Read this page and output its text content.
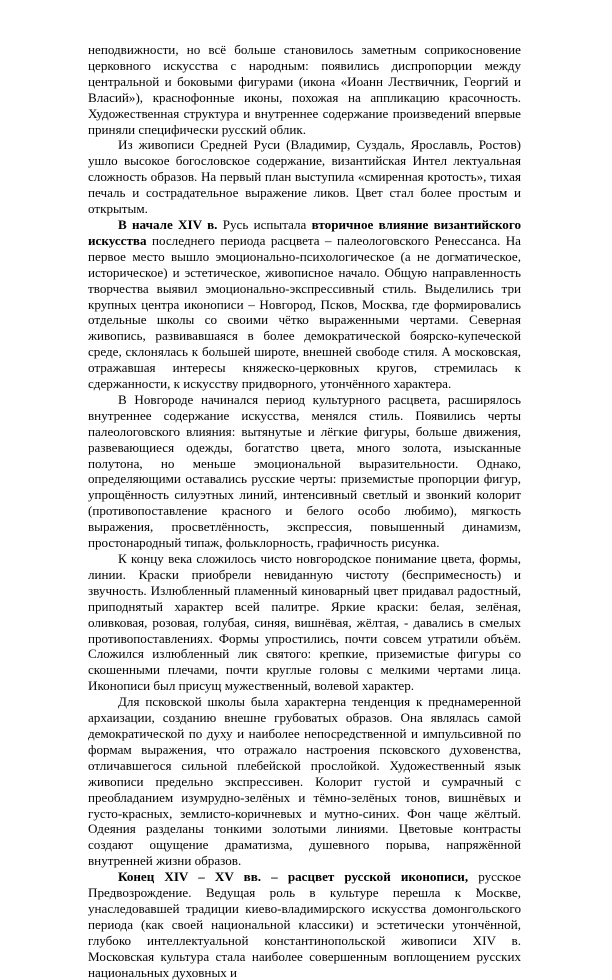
неподвижности, но всё больше становилось заметным соприкосновение церковного искусства с народным: появились диспропорции между центральной и боковыми фигурами (икона «Иоанн Лествичник, Георгий и Власий»), краснофонные иконы, похожая на аппликацию красочность. Художественная структура и внутреннее содержание произведений впервые приняли специфически русский облик.

Из живописи Средней Руси (Владимир, Суздаль, Ярославль, Ростов) ушло высокое богословское содержание, византийская Интел лектуальная сложность образов. На первый план выступила «смиренная кротость», тихая печаль и сострадательное выражение ликов. Цвет стал более простым и открытым.

В начале XIV в. Русь испытала вторичное влияние византийского искусства последнего периода расцвета – палеологовского Ренессанса. На первое место вышло эмоционально-психологическое (а не догматическое, историческое) и эстетическое, живописное начало. Общую направленность творчества выявил эмоционально-экспрессивный стиль. Выделились три крупных центра иконописи – Новгород, Псков, Москва, где формировались отдельные школы со своими чётко выраженными чертами. Северная живопись, развивавшаяся в более демократической боярско-купеческой среде, склонялась к большей широте, внешней свободе стиля. А московская, отражавшая интересы княжеско-церковных кругов, стремилась к сдержанности, к искусству придворного, утончённого характера.

В Новгороде начинался период культурного расцвета, расширялось внутреннее содержание искусства, менялся стиль. Появились черты палеологовского влияния: вытянутые и лёгкие фигуры, больше движения, развевающиеся одежды, богатство цвета, много золота, изысканные полутона, но меньше эмоциональной выразительности. Однако, определяющими оставались русские черты: приземистые пропорции фигур, упрощённость силуэтных линий, интенсивный светлый и звонкий колорит (противопоставление красного и белого особо любимо), мягкость выражения, просветлённость, экспрессия, повышенный динамизм, простонародный типаж, фольклорность, графичность рисунка.

К концу века сложилось чисто новгородское понимание цвета, формы, линии. Краски приобрели невиданную чистоту (беспримесность) и звучность. Излюбленный пламенный киноварный цвет придавал радостный, приподнятый характер всей палитре. Яркие краски: белая, зелёная, оливковая, розовая, голубая, синяя, вишнёвая, жёлтая, - давались в смелых противопоставлениях. Формы упростились, почти совсем утратили объём. Сложился излюбленный лик святого: крепкие, приземистые фигуры со скошенными плечами, почти круглые головы с мелкими чертами лица. Иконописи был присущ мужественный, волевой характер.

Для псковской школы была характерна тенденция к преднамеренной архаизации, созданию внешне грубоватых образов. Она являлась самой демократической по духу и наиболее непосредственной и импульсивной по формам выражения, что отражало настроения псковского духовенства, отличавшегося сильной плебейской прослойкой. Художественный язык живописи предельно экспрессивен. Колорит густой и сумрачный с преобладанием изумрудно-зелёных и тёмно-зелёных тонов, вишнёвых и густо-красных, землисто-коричневых и мутно-синих. Фон чаще жёлтый. Одеяния разделаны тонкими золотыми линиями. Цветовые контрасты создают ощущение драматизма, душевного порыва, напряжённой внутренней жизни образов.

Конец XIV – XV вв. – расцвет русской иконописи, русское Предвозрождение. Ведущая роль в культуре перешла к Москве, унаследовавшей традиции киево-владимирского искусства домонгольского периода (как своей национальной классики) и эстетически утончённой, глубоко интеллектуальной константинопольской живописи XIV в. Московская культура стала наиболее совершенным воплощением русских национальных духовных и
